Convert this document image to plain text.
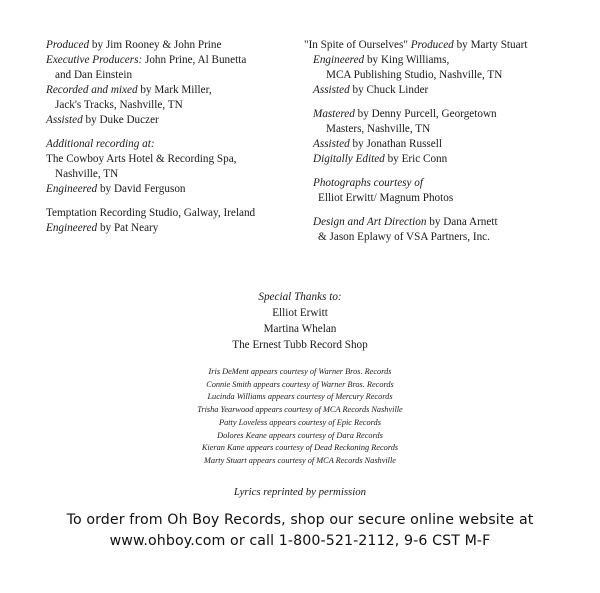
Produced by Jim Rooney & John Prine
Executive Producers: John Prine, Al Bunetta
and Dan Einstein
Recorded and mixed by Mark Miller,
Jack's Tracks, Nashville, TN
Assisted by Duke Duczer
Additional recording at:
The Cowboy Arts Hotel & Recording Spa,
Nashville, TN
Engineered by David Ferguson
Temptation Recording Studio, Galway, Ireland
Engineered by Pat Neary
"In Spite of Ourselves" Produced by Marty Stuart
Engineered by King Williams,
MCA Publishing Studio, Nashville, TN
Assisted by Chuck Linder
Mastered by Denny Purcell, Georgetown
Masters, Nashville, TN
Assisted by Jonathan Russell
Digitally Edited by Eric Conn
Photographs courtesy of
Elliot Erwitt/ Magnum Photos
Design and Art Direction by Dana Arnett
& Jason Eplawy of VSA Partners, Inc.
Special Thanks to:
Elliot Erwitt
Martina Whelan
The Ernest Tubb Record Shop
Iris DeMent appears courtesy of Warner Bros. Records
Connie Smith appears courtesy of Warner Bros. Records
Lucinda Williams appears courtesy of Mercury Records
Trisha Yearwood appears courtesy of MCA Records Nashville
Patty Loveless appears courtesy of Epic Records
Dolores Keane appears courtesy of Dara Records
Kieran Kane appears courtesy of Dead Reckoning Records
Marty Stuart appears courtesy of MCA Records Nashville
Lyrics reprinted by permission
To order from Oh Boy Records, shop our secure online website at
www.ohboy.com or call 1-800-521-2112, 9-6 CST M-F
